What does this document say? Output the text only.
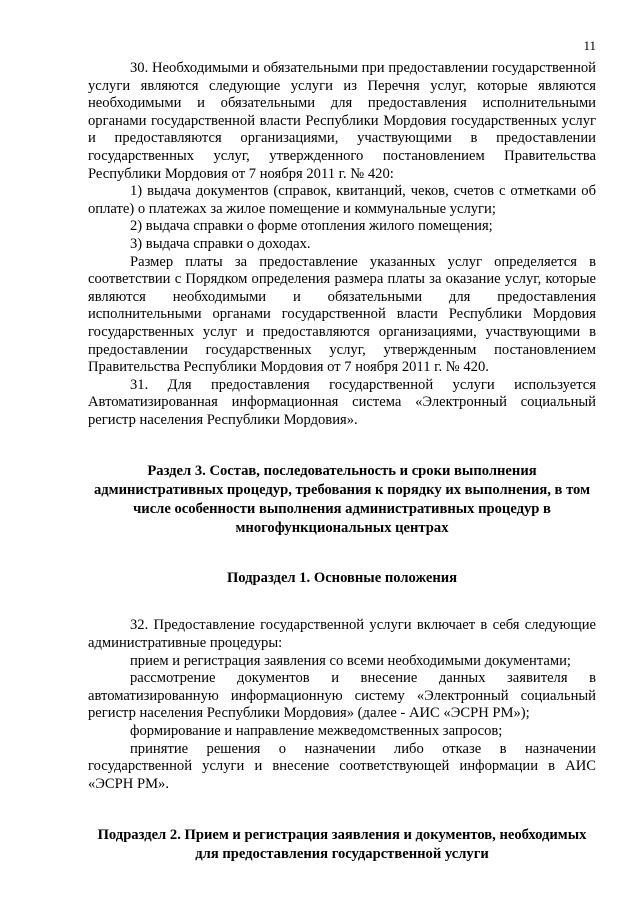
11

30. Необходимыми и обязательными при предоставлении государственной услуги являются следующие услуги из Перечня услуг, которые являются необходимыми и обязательными для предоставления исполнительными органами государственной власти Республики Мордовия государственных услуг и предоставляются организациями, участвующими в предоставлении государственных услуг, утвержденного постановлением Правительства Республики Мордовия от 7 ноября 2011 г. № 420:

1) выдача документов (справок, квитанций, чеков, счетов с отметками об оплате) о платежах за жилое помещение и коммунальные услуги;

2) выдача справки о форме отопления жилого помещения;

3) выдача справки о доходах.

Размер платы за предоставление указанных услуг определяется в соответствии с Порядком определения размера платы за оказание услуг, которые являются необходимыми и обязательными для предоставления исполнительными органами государственной власти Республики Мордовия государственных услуг и предоставляются организациями, участвующими в предоставлении государственных услуг, утвержденным постановлением Правительства Республики Мордовия от 7 ноября 2011 г. № 420.

31. Для предоставления государственной услуги используется Автоматизированная информационная система «Электронный социальный регистр населения Республики Мордовия».

Раздел 3. Состав, последовательность и сроки выполнения административных процедур, требования к порядку их выполнения, в том числе особенности выполнения административных процедур в многофункциональных центрах
Подраздел 1. Основные положения

32. Предоставление государственной услуги включает в себя следующие административные процедуры:

прием и регистрация заявления со всеми необходимыми документами;

рассмотрение документов и внесение данных заявителя в автоматизированную информационную систему «Электронный социальный регистр населения Республики Мордовия» (далее - АИС «ЭСРН РМ»);

формирование и направление межведомственных запросов;

принятие решения о назначении либо отказе в назначении государственной услуги и внесение соответствующей информации в АИС «ЭСРН РМ».

Подраздел 2. Прием и регистрация заявления и документов, необходимых для предоставления государственной услуги
